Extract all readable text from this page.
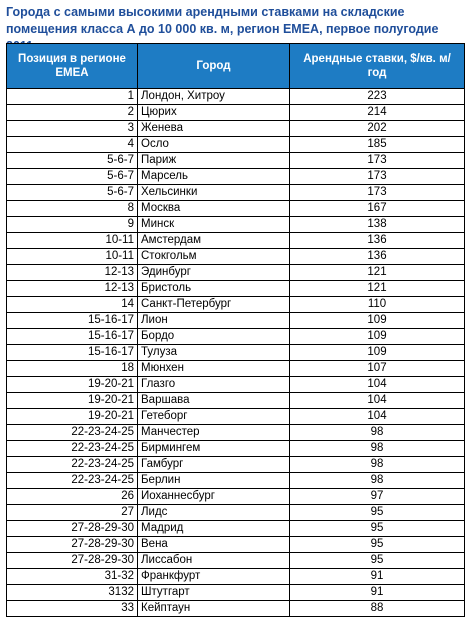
Города с самыми высокими арендными ставками на складские помещения класса А до 10 000 кв. м, регион EMEA, первое полугодие

Позиция в регионе EMEA	Город	Арендные ставки, $/кв. м/год
1	Лондон, Хитроу	223
2	Цюрих	214
3	Женева	202
4	Осло	185
5-6-7	Париж	173
5-6-7	Марсель	173
5-6-7	Хельсинки	173
8	Москва	167
9	Минск	138
10-11	Амстердам	136
10-11	Стокгольм	136
12-13	Эдинбург	121
12-13	Бристоль	121
14	Санкт-Петербург	110
15-16-17	Лион	109
15-16-17	Бордо	109
15-16-17	Тулуза	109
18	Мюнхен	107
19-20-21	Глазго	104
19-20-21	Варшава	104
19-20-21	Гетеборг	104
22-23-24-25	Манчестер	98
22-23-24-25	Бирмингем	98
22-23-24-25	Гамбург	98
22-23-24-25	Берлин	98
26	Иоханнесбург	97
27	Лидс	95
27-28-29-30	Мадрид	95
27-28-29-30	Вена	95
27-28-29-30	Лиссабон	95
31-32	Франкфурт	91
3132	Штутгарт	91
33	Кейптаун	88
